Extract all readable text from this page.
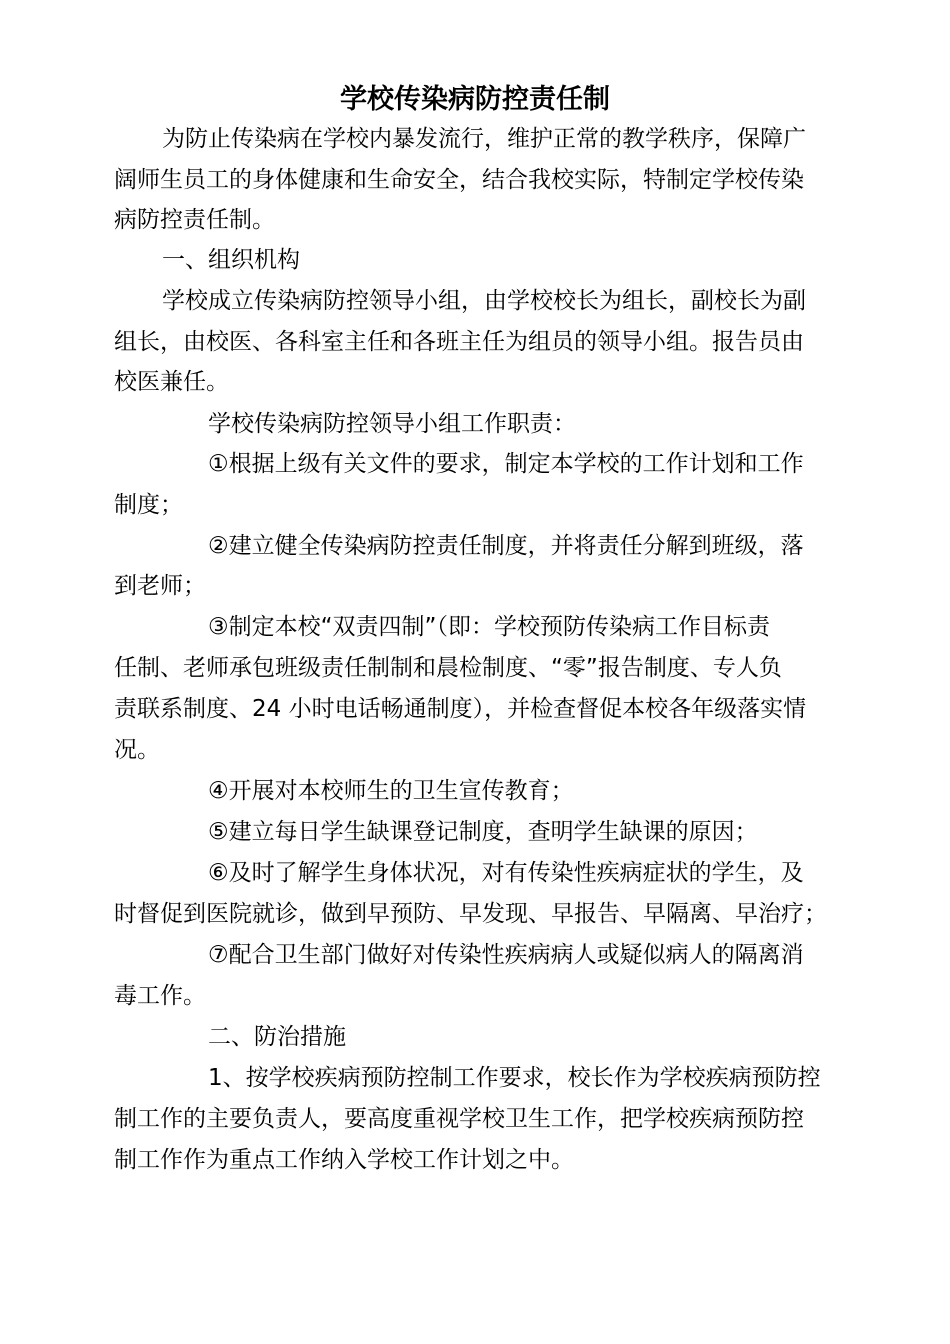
学校传染病防控责任制
为防止传染病在学校内暴发流行，维护正常的教学秩序，保障广
阔师生员工的身体健康和生命安全，结合我校实际，特制定学校传染
病防控责任制。
一、组织机构
学校成立传染病防控领导小组，由学校校长为组长，副校长为副
组长，由校医、各科室主任和各班主任为组员的领导小组。报告员由
校医兼任。
学校传染病防控领导小组工作职责：
①根据上级有关文件的要求，制定本学校的工作计划和工作
制度；
②建立健全传染病防控责任制度，并将责任分解到班级，落
到老师；
③制定本校“双责四制”（即：学校预防传染病工作目标责
任制、老师承包班级责任制制和晨检制度、“零”报告制度、专人负
责联系制度、24 小时电话畅通制度），并检查督促本校各年级落实情
况。
④开展对本校师生的卫生宣传教育；
⑤建立每日学生缺课登记制度，查明学生缺课的原因；
⑥及时了解学生身体状况，对有传染性疾病症状的学生，及
时督促到医院就诊，做到早预防、早发现、早报告、早隔离、早治疗；
⑦配合卫生部门做好对传染性疾病病人或疑似病人的隔离消
毒工作。
二、防治措施
1、按学校疾病预防控制工作要求，校长作为学校疾病预防控
制工作的主要负责人，要高度重视学校卫生工作，把学校疾病预防控
制工作作为重点工作纳入学校工作计划之中。
